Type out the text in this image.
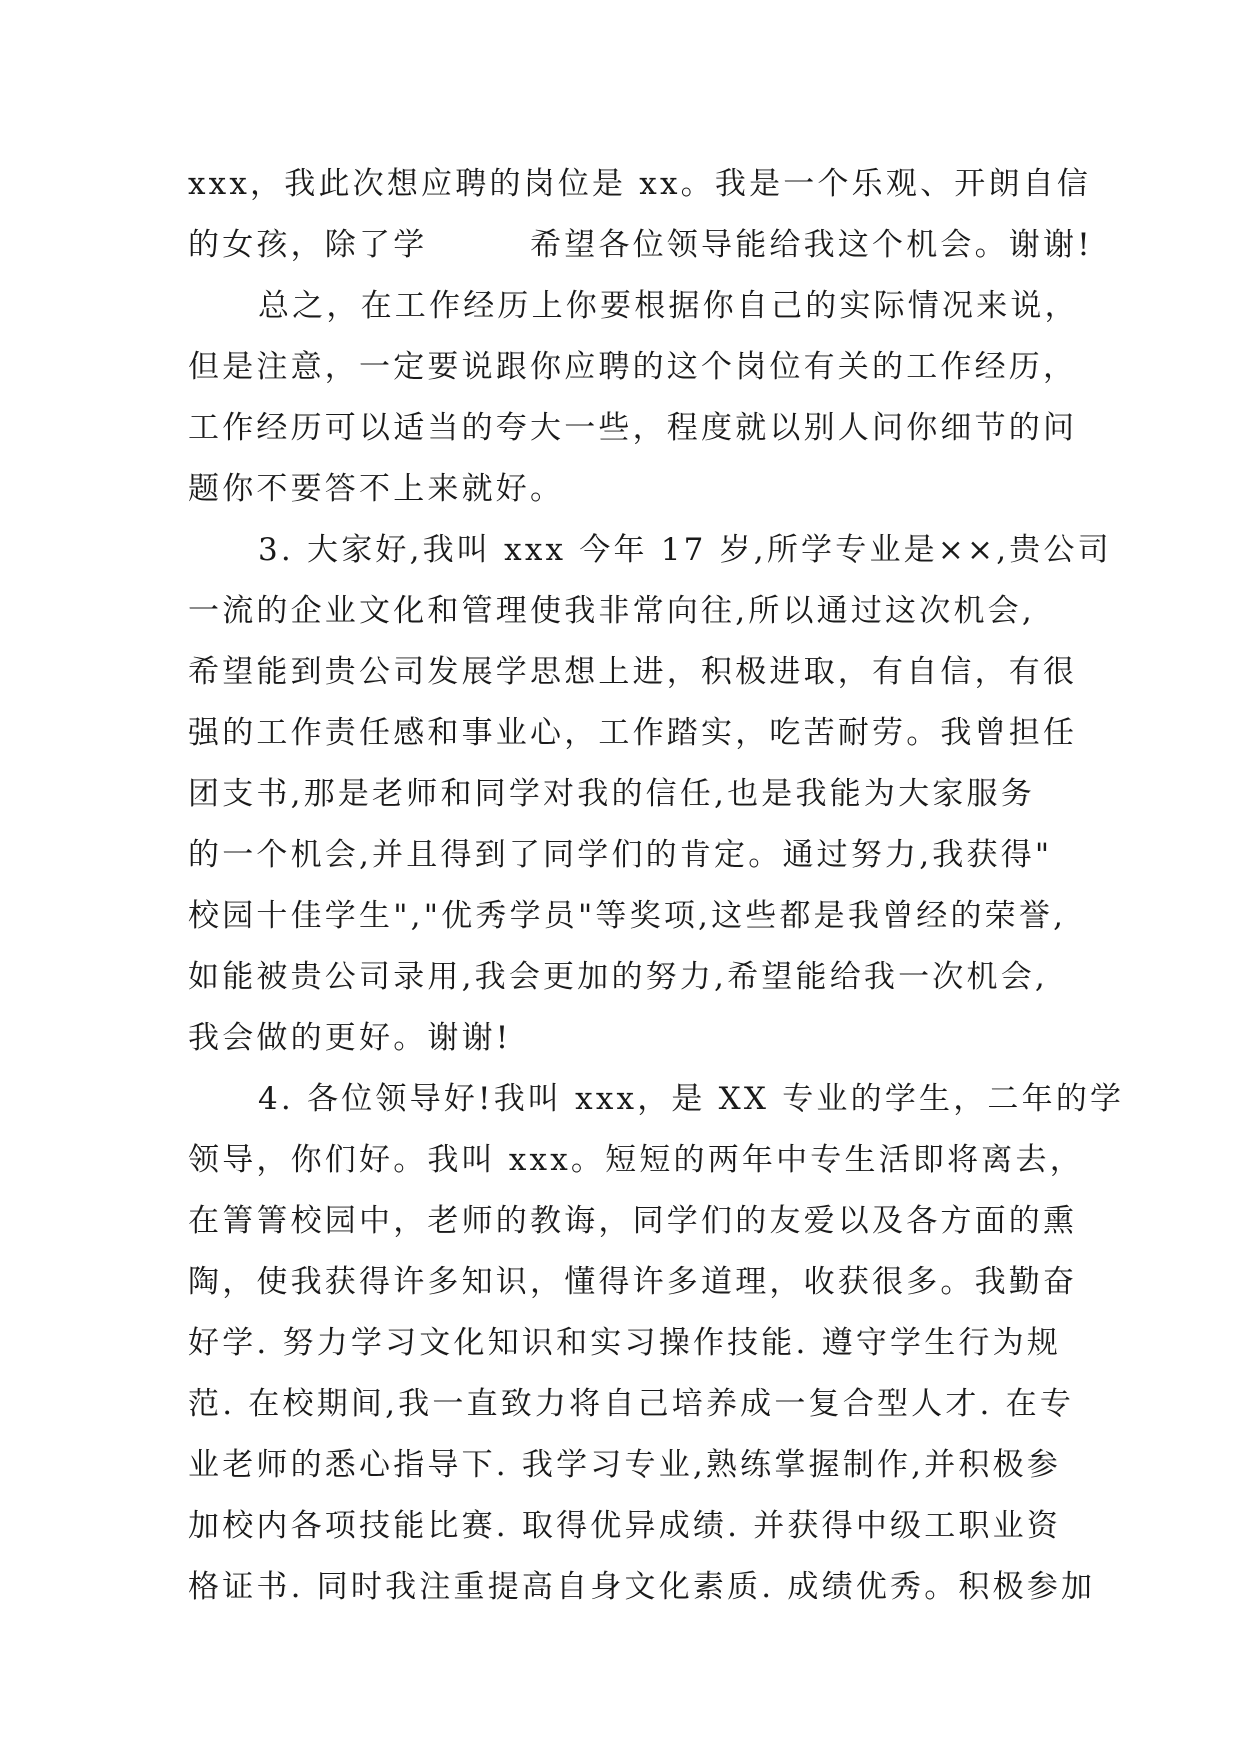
xxx，我此次想应聘的岗位是 xx。我是一个乐观、开朗自信
的女孩，除了学　　　希望各位领导能给我这个机会。谢谢!
总之，在工作经历上你要根据你自己的实际情况来说，
但是注意，一定要说跟你应聘的这个岗位有关的工作经历，
工作经历可以适当的夸大一些，程度就以别人问你细节的问
题你不要答不上来就好。
3. 大家好,我叫 xxx 今年 17 岁,所学专业是××,贵公司
一流的企业文化和管理使我非常向往,所以通过这次机会,
希望能到贵公司发展学思想上进，积极进取，有自信，有很
强的工作责任感和事业心，工作踏实，吃苦耐劳。我曾担任
团支书,那是老师和同学对我的信任,也是我能为大家服务
的一个机会,并且得到了同学们的肯定。通过努力,我获得"
校园十佳学生","优秀学员"等奖项,这些都是我曾经的荣誉,
如能被贵公司录用,我会更加的努力,希望能给我一次机会,
我会做的更好。谢谢!
4. 各位领导好!我叫 xxx，是 XX 专业的学生，二年的学
领导，你们好。我叫 xxx。短短的两年中专生活即将离去，
在箐箐校园中，老师的教诲，同学们的友爱以及各方面的熏
陶，使我获得许多知识，懂得许多道理，收获很多。我勤奋
好学. 努力学习文化知识和实习操作技能. 遵守学生行为规
范. 在校期间,我一直致力将自己培养成一复合型人才. 在专
业老师的悉心指导下. 我学习专业,熟练掌握制作,并积极参
加校内各项技能比赛. 取得优异成绩. 并获得中级工职业资
格证书. 同时我注重提高自身文化素质. 成绩优秀。积极参加
